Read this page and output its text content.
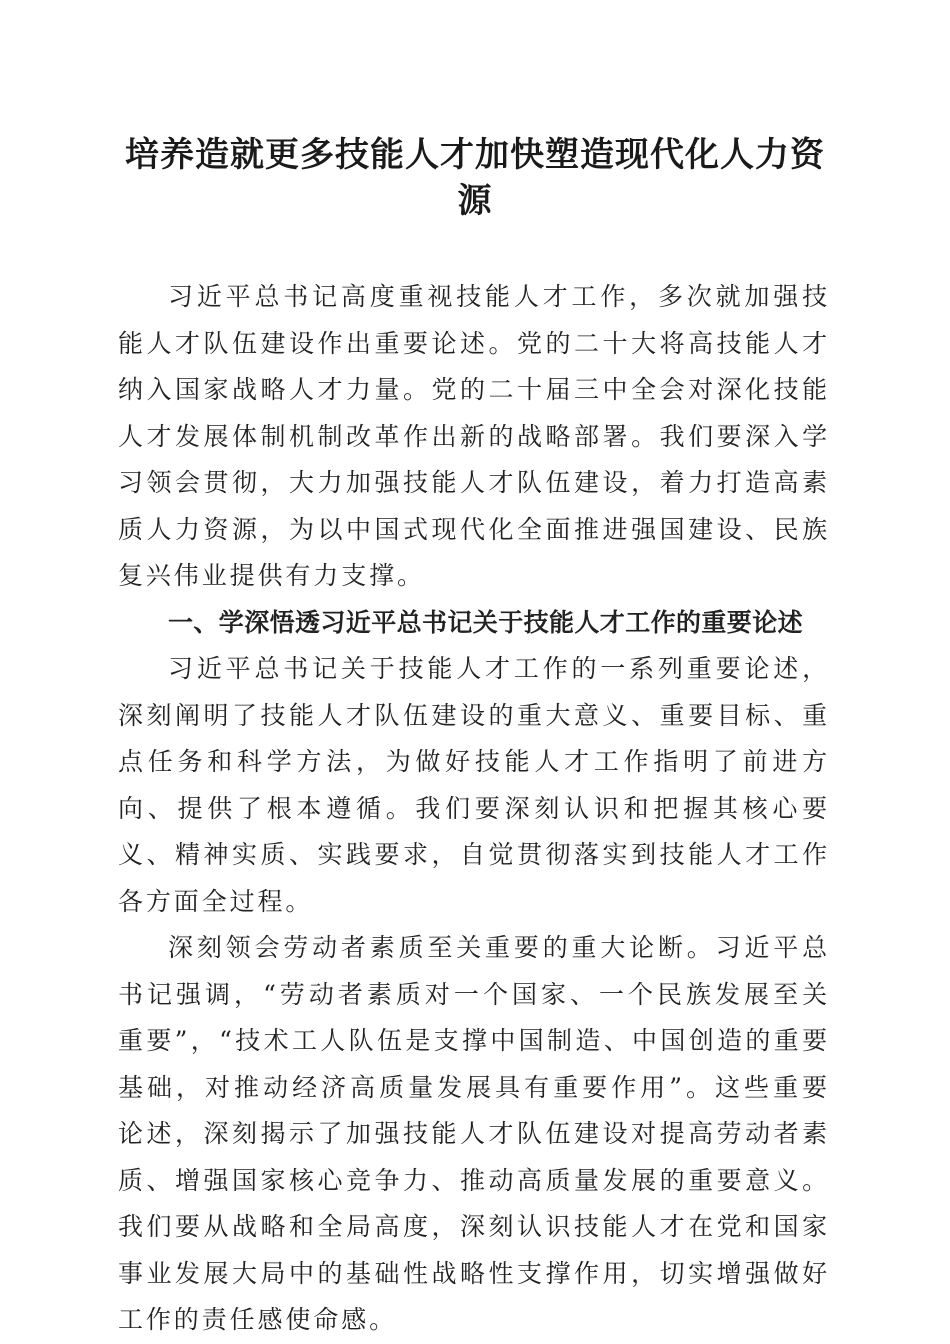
培养造就更多技能人才加快塑造现代化人力资源

习近平总书记高度重视技能人才工作，多次就加强技能人才队伍建设作出重要论述。党的二十大将高技能人才纳入国家战略人才力量。党的二十届三中全会对深化技能人才发展体制机制改革作出新的战略部署。我们要深入学习领会贯彻，大力加强技能人才队伍建设，着力打造高素质人力资源，为以中国式现代化全面推进强国建设、民族复兴伟业提供有力支撑。

一、学深悟透习近平总书记关于技能人才工作的重要论述

习近平总书记关于技能人才工作的一系列重要论述，深刻阐明了技能人才队伍建设的重大意义、重要目标、重点任务和科学方法，为做好技能人才工作指明了前进方向、提供了根本遵循。我们要深刻认识和把握其核心要义、精神实质、实践要求，自觉贯彻落实到技能人才工作各方面全过程。

深刻领会劳动者素质至关重要的重大论断。习近平总书记强调，“劳动者素质对一个国家、一个民族发展至关重要”，“技术工人队伍是支撑中国制造、中国创造的重要基础，对推动经济高质量发展具有重要作用”。这些重要论述，深刻揭示了加强技能人才队伍建设对提高劳动者素质、增强国家核心竞争力、推动高质量发展的重要意义。我们要从战略和全局高度，深刻认识技能人才在党和国家事业发展大局中的基础性战略性支撑作用，切实增强做好工作的责任感使命感。
